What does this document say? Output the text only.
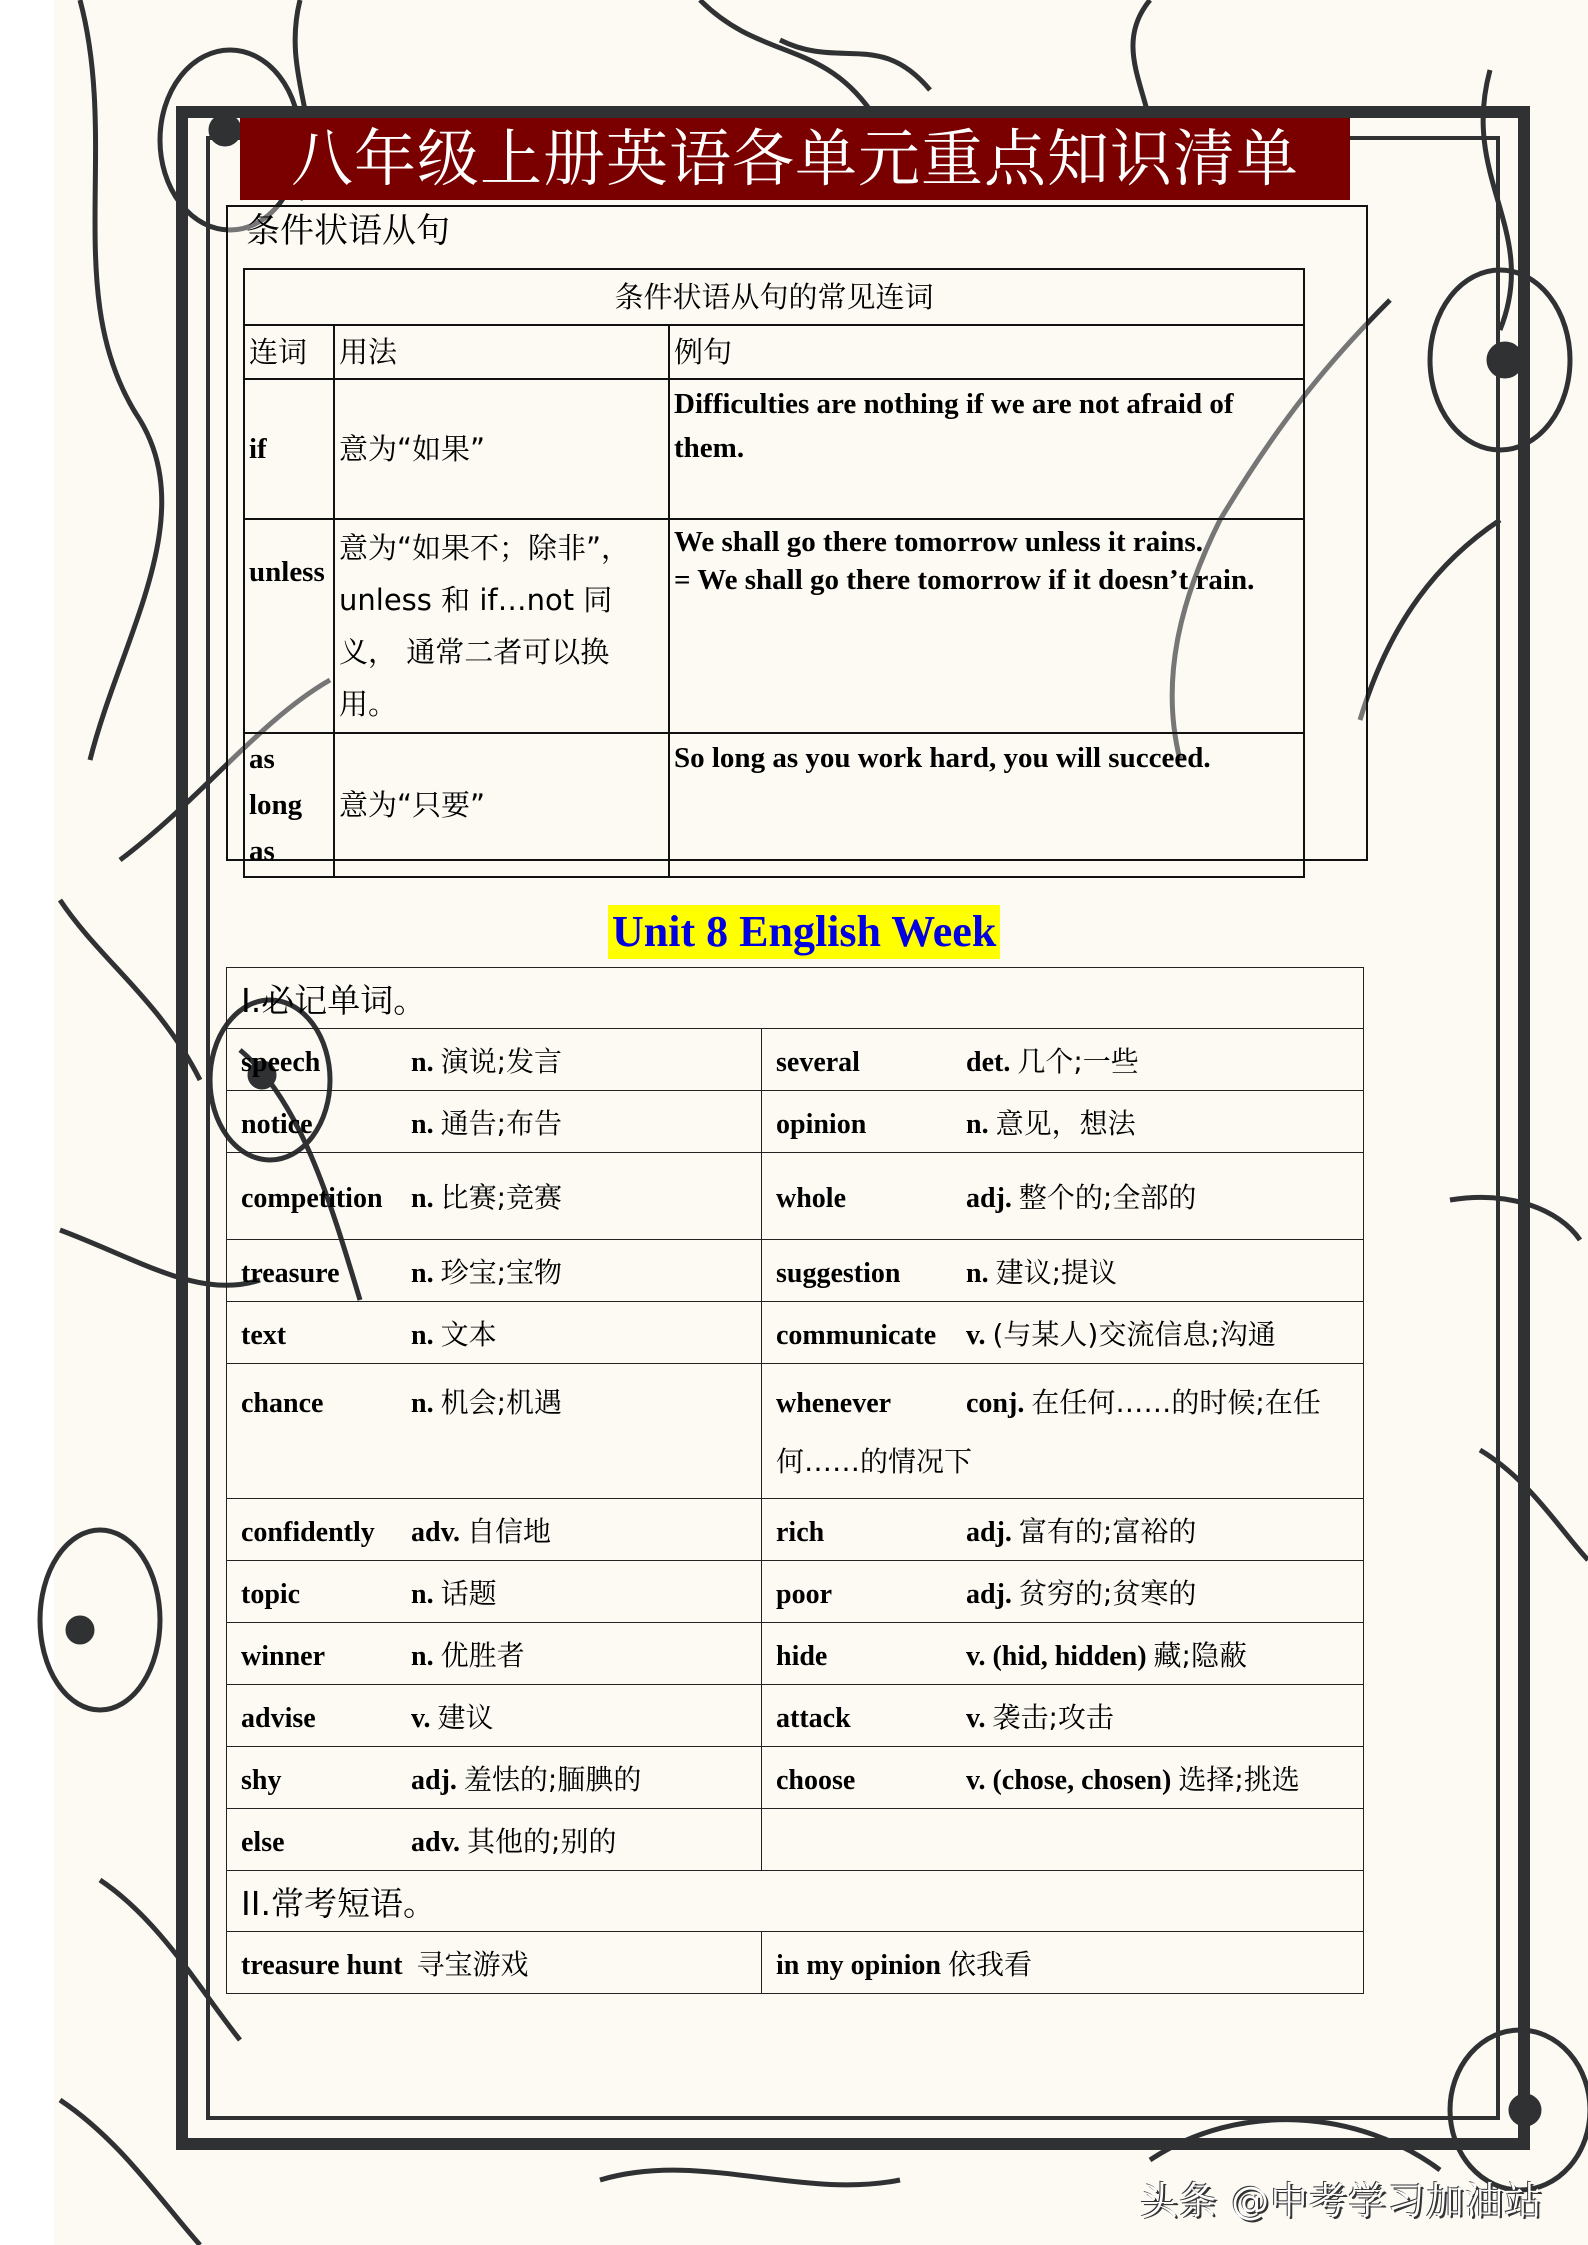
八年级上册英语各单元重点知识清单
条件状语从句
条件状语从句的常见连词		
连词	用法	例句
if	意为“如果”	Difficulties are nothing if we are not afraid of them.
unless	意为“如果不；除非”，unless 和 if…not 同义， 通常二者可以换用。	We shall go there tomorrow unless it rains.
= We shall go there tomorrow if it doesn’t rain.

as long as	意为“只要”	So long as you work hard, you will succeed.
Unit 8 English Week
I.必记单词。	
speech n. 演说;发言	several det. 几个;一些
notice n. 通告;布告	opinion n. 意见，想法
competition n. 比赛;竞赛	whole adj. 整个的;全部的
treasure n. 珍宝;宝物	suggestion n. 建议;提议
text n. 文本	communicate v. (与某人)交流信息;沟通
chance n. 机会;机遇	whenever conj. 在任何……的时候;在任何……的情况下
confidently adv. 自信地	rich adj. 富有的;富裕的
topic n. 话题	poor adj. 贫穷的;贫寒的
winner n. 优胜者	hide v. (hid, hidden) 藏;隐蔽
advise v. 建议	attack v. 袭击;攻击
shy adj. 羞怯的;腼腆的	choose v. (chose, chosen) 选择;挑选
else adv. 其他的;别的	
II.常考短语。	
treasure hunt 寻宝游戏	in my opinion 依我看
头条 @中考学习加油站
